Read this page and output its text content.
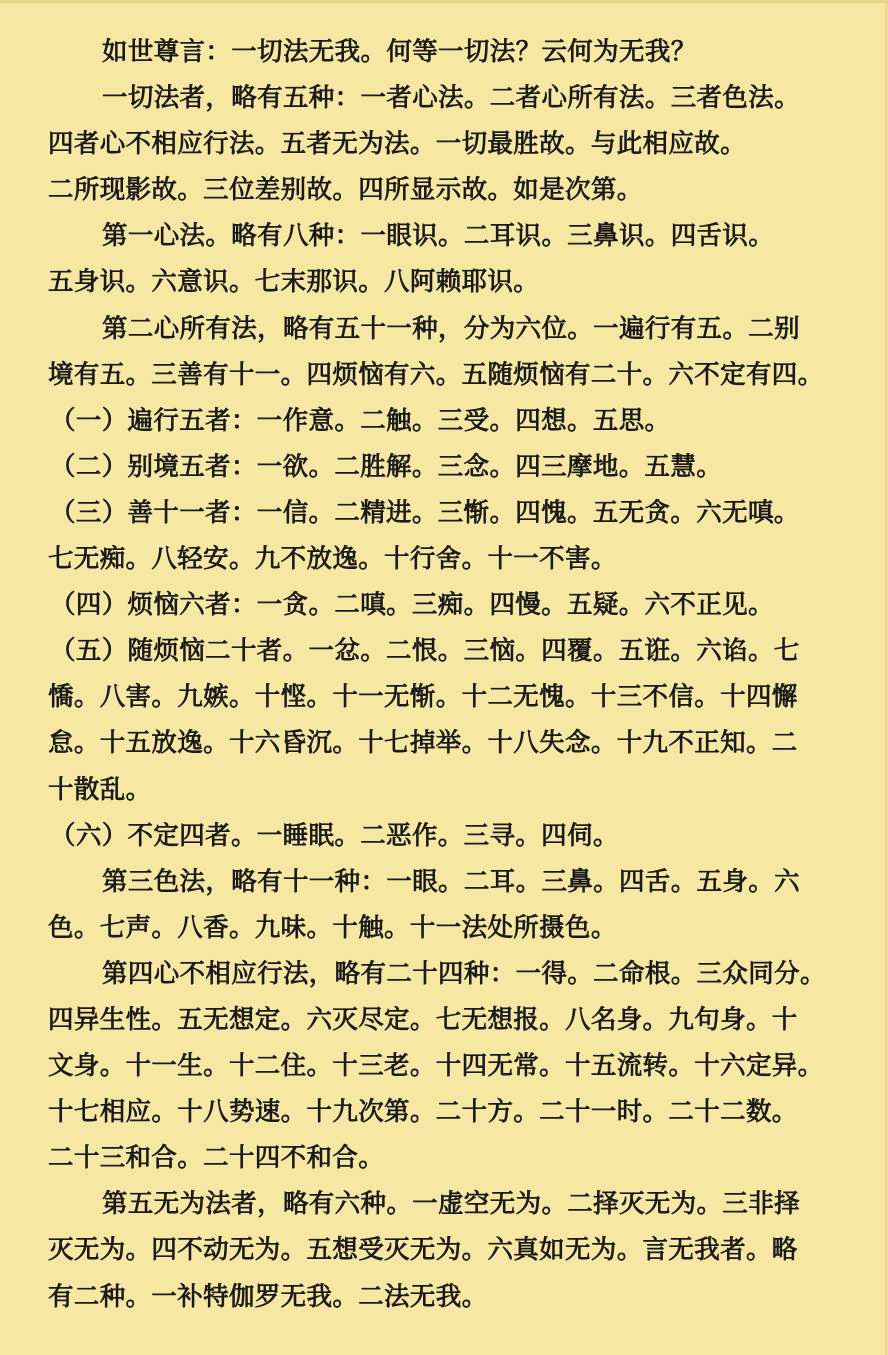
如世尊言：一切法无我。何等一切法？云何为无我？
一切法者，略有五种：一者心法。二者心所有法。三者色法。
四者心不相应行法。五者无为法。一切最胜故。与此相应故。
二所现影故。三位差别故。四所显示故。如是次第。
第一心法。略有八种：一眼识。二耳识。三鼻识。四舌识。
五身识。六意识。七末那识。八阿赖耶识。
第二心所有法，略有五十一种，分为六位。一遍行有五。二别
境有五。三善有十一。四烦恼有六。五随烦恼有二十。六不定有四。
（一）遍行五者：一作意。二触。三受。四想。五思。
（二）别境五者：一欲。二胜解。三念。四三摩地。五慧。
（三）善十一者：一信。二精进。三惭。四愧。五无贪。六无嗔。
七无痴。八轻安。九不放逸。十行舍。十一不害。
（四）烦恼六者：一贪。二嗔。三痴。四慢。五疑。六不正见。
（五）随烦恼二十者。一忿。二恨。三恼。四覆。五诳。六谄。七
憍。八害。九嫉。十悭。十一无惭。十二无愧。十三不信。十四懈
怠。十五放逸。十六昏沉。十七掉举。十八失念。十九不正知。二
十散乱。
（六）不定四者。一睡眠。二恶作。三寻。四伺。
第三色法，略有十一种：一眼。二耳。三鼻。四舌。五身。六
色。七声。八香。九味。十触。十一法处所摄色。
第四心不相应行法，略有二十四种：一得。二命根。三众同分。
四异生性。五无想定。六灭尽定。七无想报。八名身。九句身。十
文身。十一生。十二住。十三老。十四无常。十五流转。十六定异。
十七相应。十八势速。十九次第。二十方。二十一时。二十二数。
二十三和合。二十四不和合。
第五无为法者，略有六种。一虚空无为。二择灭无为。三非择
灭无为。四不动无为。五想受灭无为。六真如无为。言无我者。略
有二种。一补特伽罗无我。二法无我。
